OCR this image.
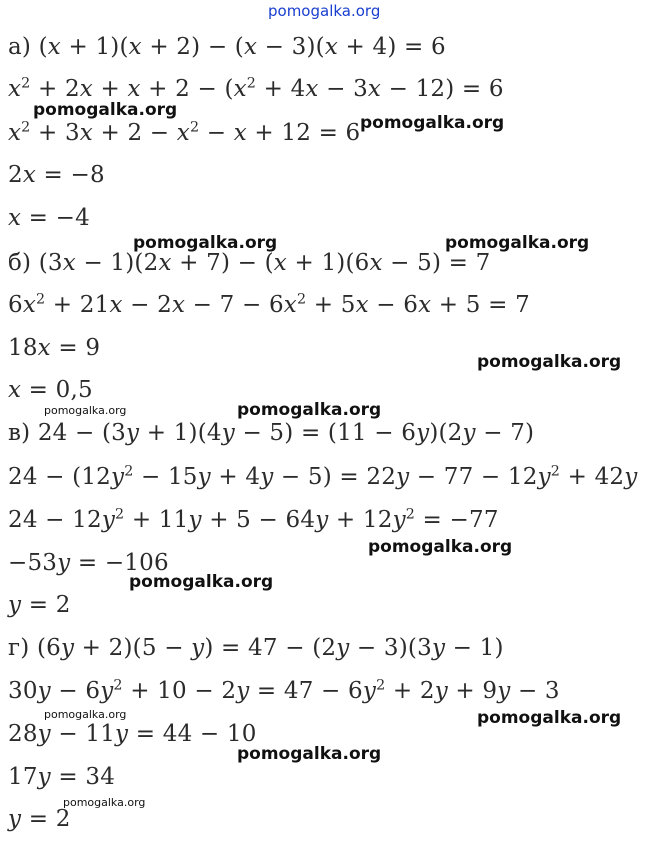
pomogalka.org
а) (x + 1)(x + 2) − (x − 3)(x + 4) = 6
$x^2 + 2x + x + 2 - (x^2 + 4x - 3x - 12) = 6$
$x^2 + 3x + 2 - x^2 - x + 12 = 6$
2x = −8
x = −4
б) (3x − 1)(2x + 7) − (x + 1)(6x − 5) = 7
$6x^2 + 21x - 2x - 7 - 6x^2 + 5x - 6x + 5 = 7$
18x = 9
x = 0,5
в) 24 − (3y + 1)(4y − 5) = (11 − 6y)(2y − 7)
$24 - (12y^2 - 15y + 4y - 5) = 22y - 77 - 12y^2 + 42y$
$24 - 12y^2 + 11y + 5 - 64y + 12y^2 = -77$
−53y = −106
y = 2
г) (6y + 2)(5 − y) = 47 − (2y − 3)(3y − 1)
$30y - 6y^2 + 10 - 2y = 47 - 6y^2 + 2y + 9y - 3$
28y − 11y = 44 − 10
17y = 34
y = 2
pomogalka.org
pomogalka.org
pomogalka.org	pomogalka.org
pomogalka.org
pomogalka.org	pomogalka.org
pomogalka.org
pomogalka.org
pomogalka.org	pomogalka.org
pomogalka.org
pomogalka.org
